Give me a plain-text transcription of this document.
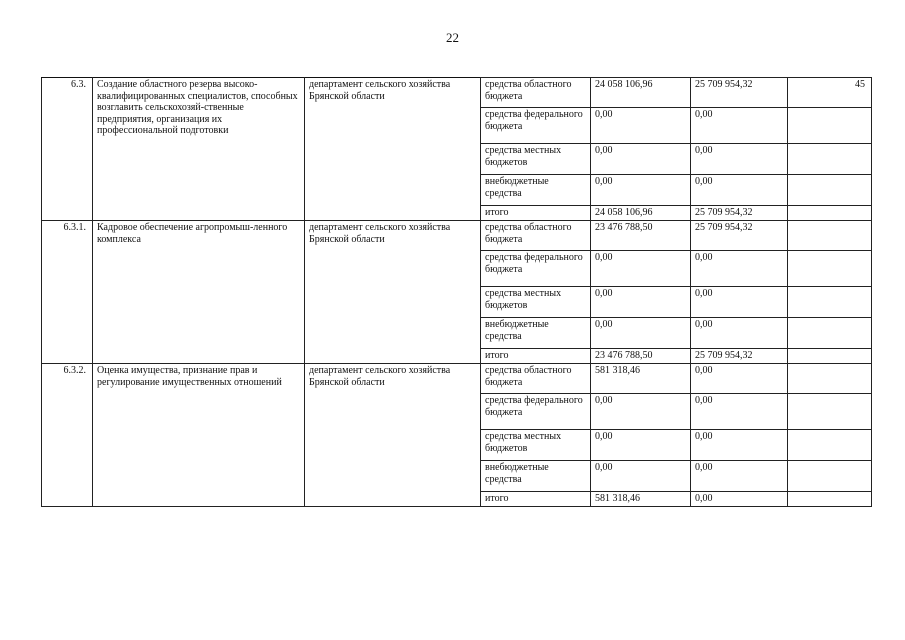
22
6.3.	Создание областного резерва высоко-квалифицированных специалистов, способных возглавить сельскохозяй-ственные предприятия, организация их профессиональной подготовки	департамент сельского хозяйства Брянской области	средства областного бюджета	24 058 106,96	25 709 954,32	45
			средства федерального бюджета	0,00	0,00	
			средства местных бюджетов	0,00	0,00	
			внебюджетные средства	0,00	0,00	
			итого	24 058 106,96	25 709 954,32	
6.3.1.	Кадровое обеспечение агропромыш-ленного комплекса	департамент сельского хозяйства Брянской области	средства областного бюджета	23 476 788,50	25 709 954,32	
			средства федерального бюджета	0,00	0,00	
			средства местных бюджетов	0,00	0,00	
			внебюджетные средства	0,00	0,00	
			итого	23 476 788,50	25 709 954,32	
6.3.2.	Оценка имущества, признание прав и регулирование имущественных отношений	департамент сельского хозяйства Брянской области	средства областного бюджета	581 318,46	0,00	
			средства федерального бюджета	0,00	0,00	
			средства местных бюджетов	0,00	0,00	
			внебюджетные средства	0,00	0,00	
			итого	581 318,46	0,00	
